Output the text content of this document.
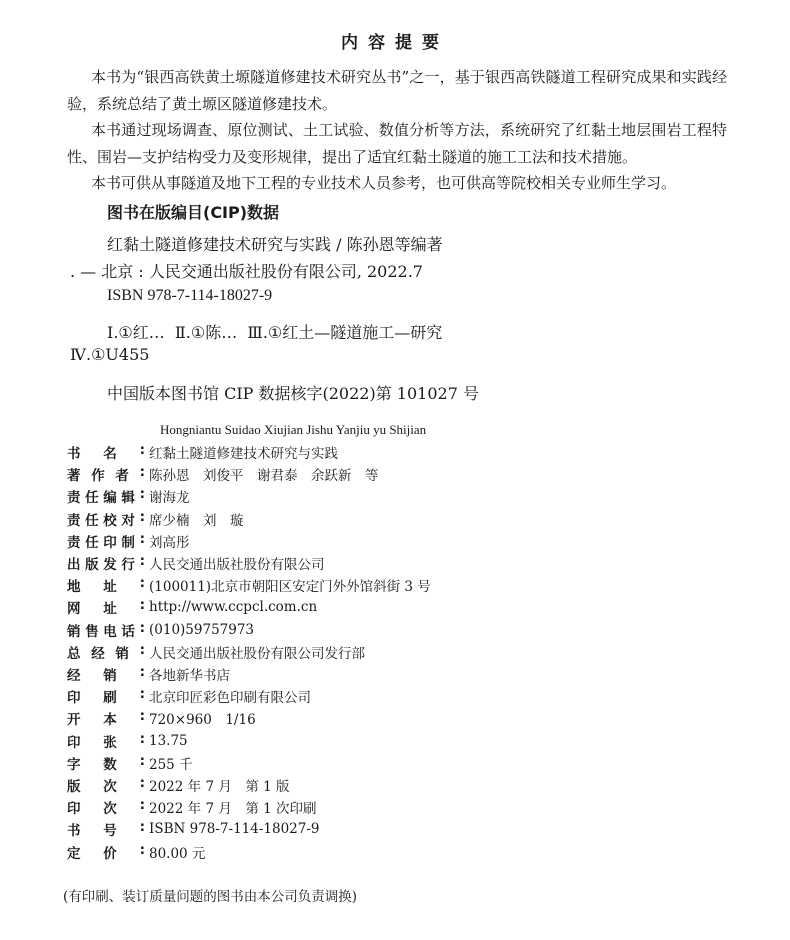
内容提要
本书为“银西高铁黄土塬隧道修建技术研究丛书”之一，基于银西高铁隧道工程研究成果和实践经验，系统总结了黄土塬区隧道修建技术。
本书通过现场调查、原位测试、土工试验、数值分析等方法，系统研究了红黏土地层围岩工程特性、围岩—支护结构受力及变形规律，提出了适宜红黏土隧道的施工工法和技术措施。
本书可供从事隧道及地下工程的专业技术人员参考，也可供高等院校相关专业师生学习。
图书在版编目(CIP)数据
红黏土隧道修建技术研究与实践 / 陈孙恩等编著
. — 北京 : 人民交通出版社股份有限公司, 2022.7
ISBN 978-7-114-18027-9
Ⅰ.①红…  Ⅱ.①陈…  Ⅲ.①红土—隧道施工—研究
Ⅳ.①U455
中国版本图书馆 CIP 数据核字(2022)第 101027 号
Hongniantu Suidao Xiujian Jishu Yanjiu yu Shijian
书 名 : 红黏土隧道修建技术研究与实践
著 作 者 : 陈孙恩　刘俊平　谢君泰　余跃新　等
责 任 编 辑 : 谢海龙
责 任 校 对 : 席少楠　刘　璇
责 任 印 制 : 刘高彤
出 版 发 行 : 人民交通出版社股份有限公司
地 址 : (100011)北京市朝阳区安定门外外馆斜街 3 号
网 址 : http://www.ccpcl.com.cn
销 售 电 话 : (010)59757973
总 经 销 : 人民交通出版社股份有限公司发行部
经 销 : 各地新华书店
印 刷 : 北京印匠彩色印刷有限公司
开 本 : 720×960　1/16
印 张 : 13.75
字 数 : 255 千
版 次 : 2022 年 7 月　第 1 版
印 次 : 2022 年 7 月　第 1 次印刷
书 号 : ISBN 978-7-114-18027-9
定 价 : 80.00 元
(有印刷、装订质量问题的图书由本公司负责调换)
